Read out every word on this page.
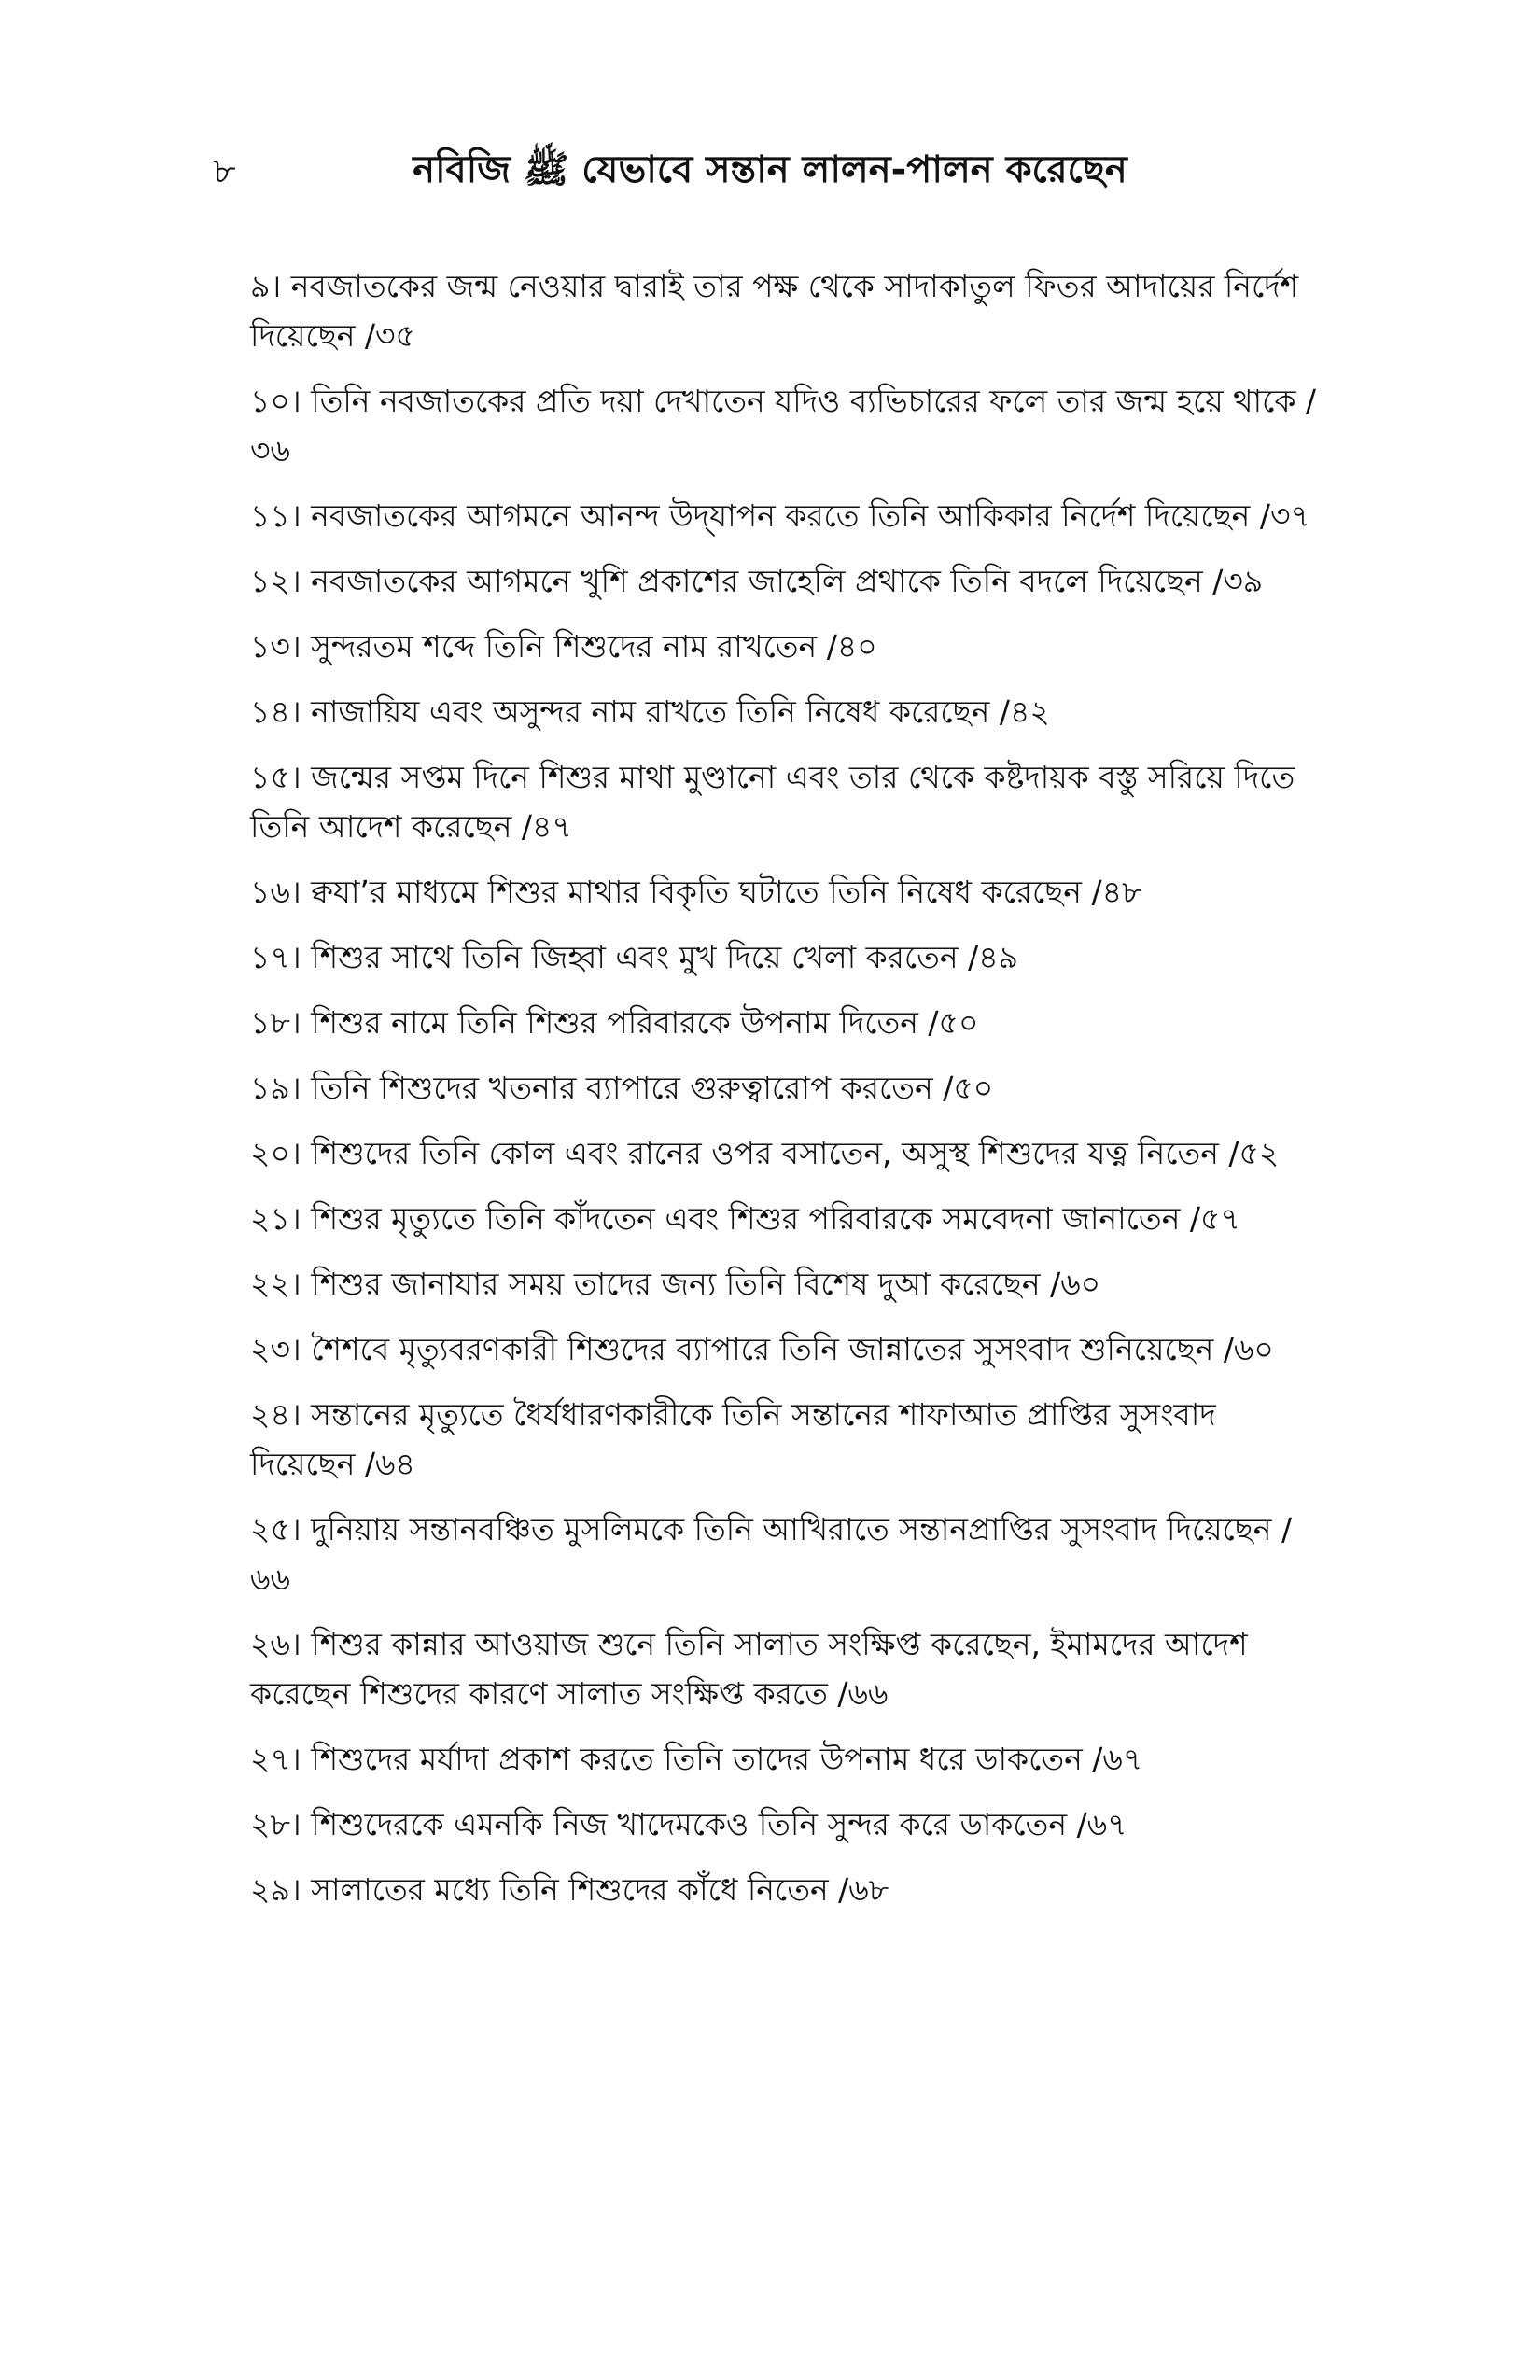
৮	নবিজি ﷺ যেভাবে সন্তান লালন-পালন করেছেন
৯। নবজাতকের জন্ম নেওয়ার দ্বারাই তার পক্ষ থেকে সাদাকাতুল ফিতর আদায়ের নির্দেশ দিয়েছেন /৩৫
১০। তিনি নবজাতকের প্রতি দয়া দেখাতেন যদিও ব্যভিচারের ফলে তার জন্ম হয়ে থাকে /৩৬
১১। নবজাতকের আগমনে আনন্দ উদ্‌যাপন করতে তিনি আকিকার নির্দেশ দিয়েছেন /৩৭
১২। নবজাতকের আগমনে খুশি প্রকাশের জাহেলি প্রথাকে তিনি বদলে দিয়েছেন /৩৯
১৩। সুন্দরতম শব্দে তিনি শিশুদের নাম রাখতেন /৪০
১৪। নাজায়িয এবং অসুন্দর নাম রাখতে তিনি নিষেধ করেছেন /৪২
১৫। জন্মের সপ্তম দিনে শিশুর মাথা মুণ্ডানো এবং তার থেকে কষ্টদায়ক বস্তু সরিয়ে দিতে তিনি আদেশ করেছেন /৪৭
১৬। ক্বযা’র মাধ্যমে শিশুর মাথার বিকৃতি ঘটাতে তিনি নিষেধ করেছেন /৪৮
১৭। শিশুর সাথে তিনি জিহ্বা এবং মুখ দিয়ে খেলা করতেন /৪৯
১৮। শিশুর নামে তিনি শিশুর পরিবারকে উপনাম দিতেন /৫০
১৯। তিনি শিশুদের খতনার ব্যাপারে গুরুত্বারোপ করতেন /৫০
২০। শিশুদের তিনি কোল এবং রানের ওপর বসাতেন, অসুস্থ শিশুদের যত্ন নিতেন /৫২
২১। শিশুর মৃত্যুতে তিনি কাঁদতেন এবং শিশুর পরিবারকে সমবেদনা জানাতেন /৫৭
২২। শিশুর জানাযার সময় তাদের জন্য তিনি বিশেষ দুআ করেছেন /৬০
২৩। শৈশবে মৃত্যুবরণকারী শিশুদের ব্যাপারে তিনি জান্নাতের সুসংবাদ শুনিয়েছেন /৬০
২৪। সন্তানের মৃত্যুতে ধৈর্যধারণকারীকে তিনি সন্তানের শাফাআত প্রাপ্তির সুসংবাদ দিয়েছেন /৬৪
২৫। দুনিয়ায় সন্তানবঞ্চিত মুসলিমকে তিনি আখিরাতে সন্তানপ্রাপ্তির সুসংবাদ দিয়েছেন /৬৬
২৬। শিশুর কান্নার আওয়াজ শুনে তিনি সালাত সংক্ষিপ্ত করেছেন, ইমামদের আদেশ করেছেন শিশুদের কারণে সালাত সংক্ষিপ্ত করতে /৬৬
২৭। শিশুদের মর্যাদা প্রকাশ করতে তিনি তাদের উপনাম ধরে ডাকতেন /৬৭
২৮। শিশুদেরকে এমনকি নিজ খাদেমকেও তিনি সুন্দর করে ডাকতেন /৬৭
২৯। সালাতের মধ্যে তিনি শিশুদের কাঁধে নিতেন /৬৮
